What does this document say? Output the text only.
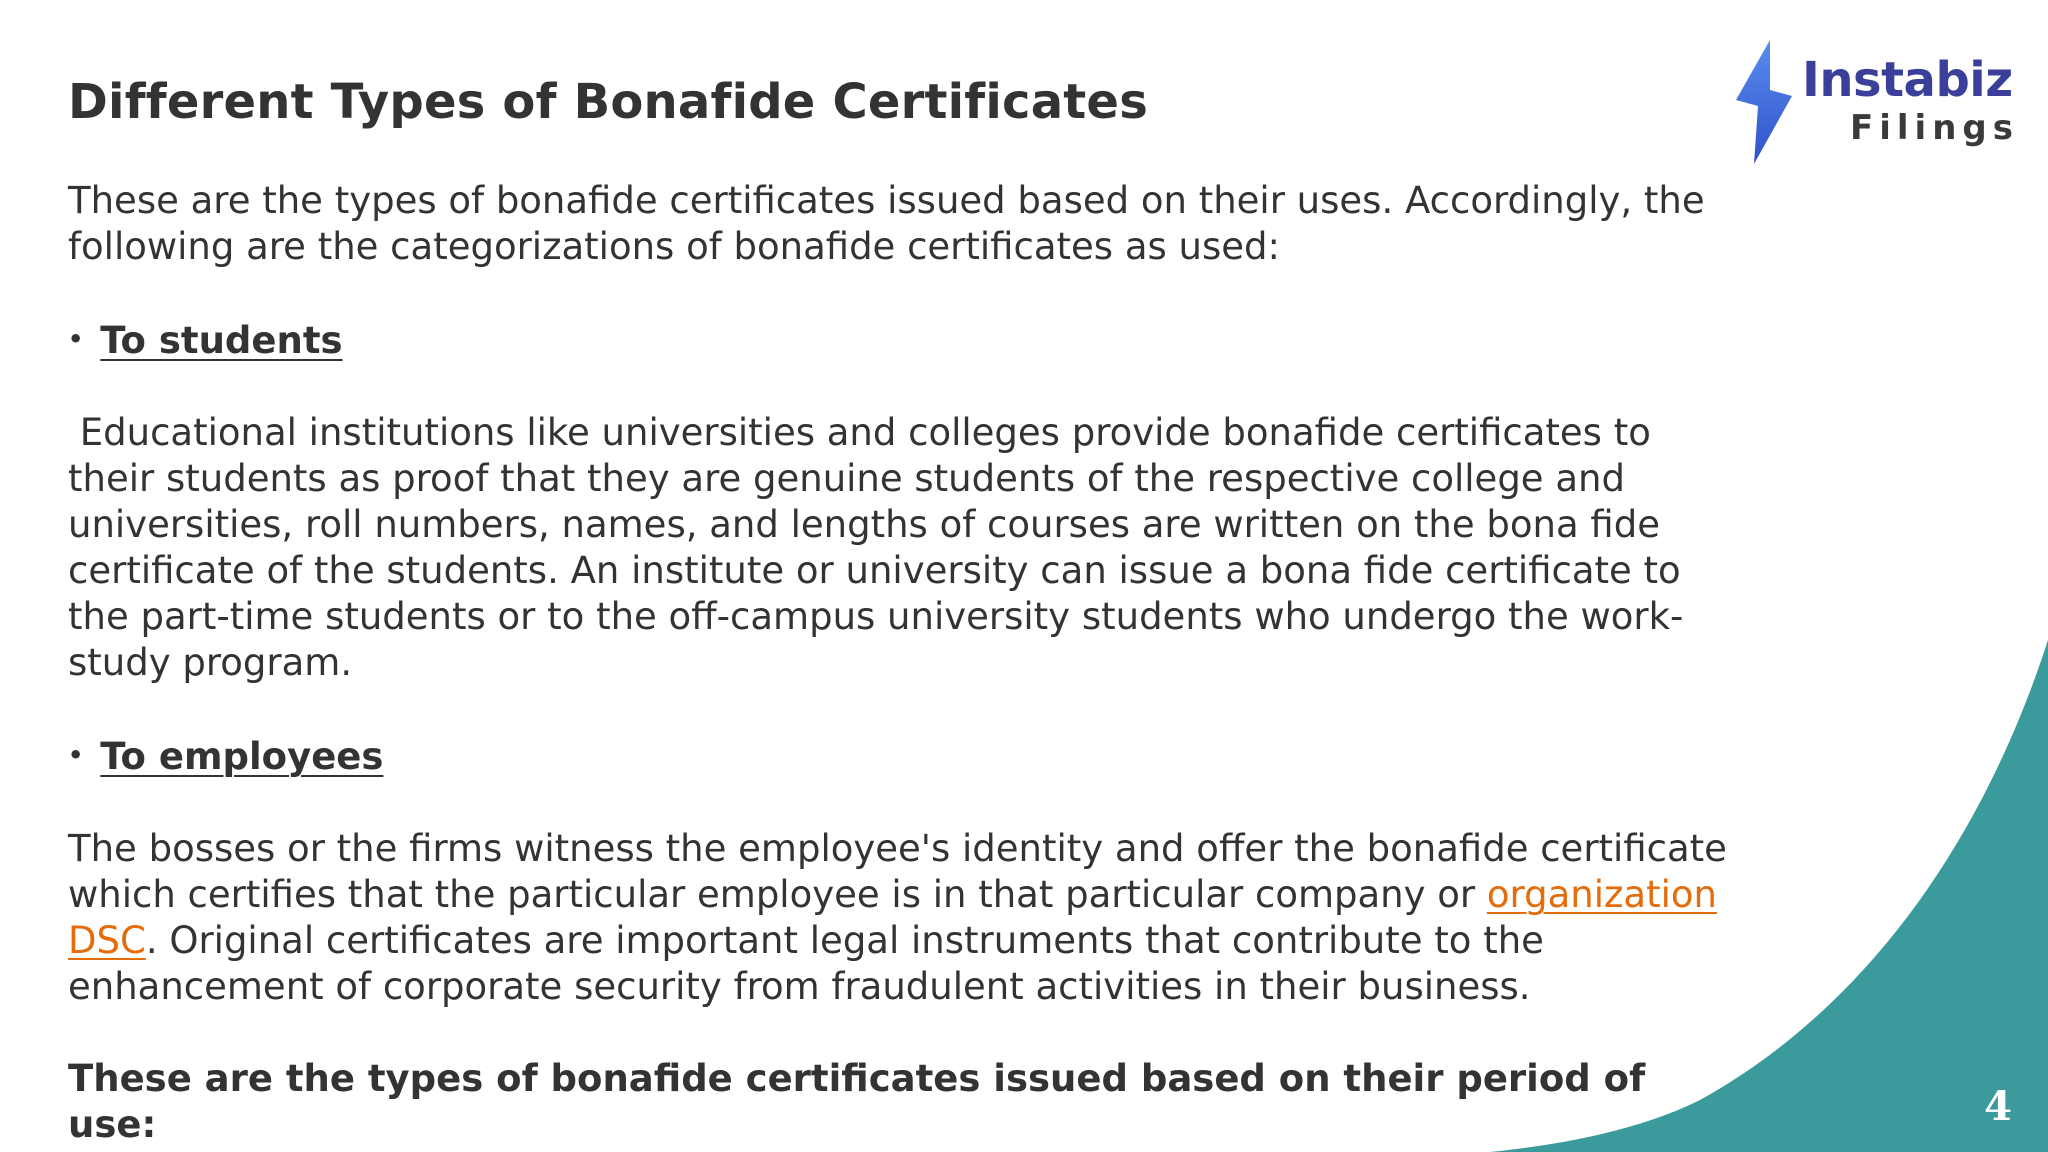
Instabiz
Filings
Different Types of Bonafide Certificates

These are the types of bonafide certificates issued based on their uses. Accordingly, the following are the categorizations of bonafide certificates as used:

• To students

Educational institutions like universities and colleges provide bonafide certificates to their students as proof that they are genuine students of the respective college and universities, roll numbers, names, and lengths of courses are written on the bona fide certificate of the students. An institute or university can issue a bona fide certificate to the part-time students or to the off-campus university students who undergo the work-study program.

• To employees

The bosses or the firms witness the employee's identity and offer the bonafide certificate which certifies that the particular employee is in that particular company or organization DSC. Original certificates are important legal instruments that contribute to the enhancement of corporate security from fraudulent activities in their business.

These are the types of bonafide certificates issued based on their period of use:	4
